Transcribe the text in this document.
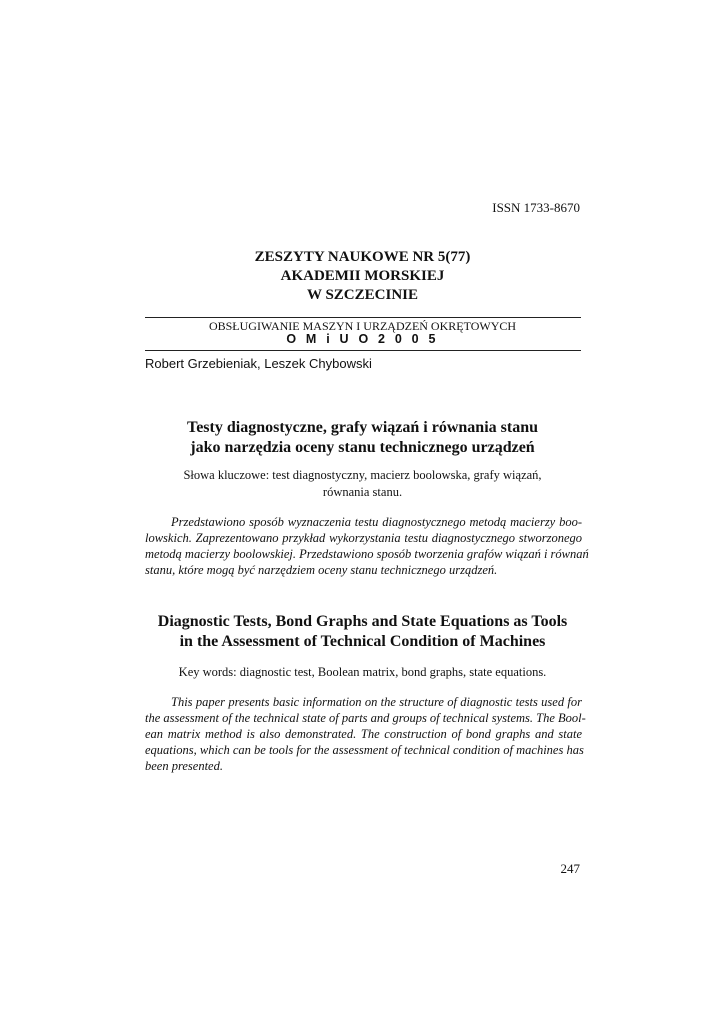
ISSN 1733-8670
ZESZYTY NAUKOWE NR 5(77)
AKADEMII MORSKIEJ
W SZCZECINIE
OBSŁUGIWANIE MASZYN I URZĄDZEŃ OKRĘTOWYCH
O M i U O 2 0 0 5
Robert Grzebieniak, Leszek Chybowski
Testy diagnostyczne, grafy wiązań i równania stanu
jako narzędzia oceny stanu technicznego urządzeń
Słowa kluczowe: test diagnostyczny, macierz boolowska, grafy wiązań,
równania stanu.
Przedstawiono sposób wyznaczenia testu diagnostycznego metodą macierzy boo-
lowskich. Zaprezentowano przykład wykorzystania testu diagnostycznego stworzonego
metodą macierzy boolowskiej. Przedstawiono sposób tworzenia grafów wiązań i równań
stanu, które mogą być narzędziem oceny stanu technicznego urządzeń.
Diagnostic Tests, Bond Graphs and State Equations as Tools
in the Assessment of Technical Condition of Machines
Key words: diagnostic test, Boolean matrix, bond graphs, state equations.
This paper presents basic information on the structure of diagnostic tests used for
the assessment of the technical state of parts and groups of technical systems. The Bool-
ean matrix method is also demonstrated. The construction of bond graphs and state
equations, which can be tools for the assessment of technical condition of machines has
been presented.
247
